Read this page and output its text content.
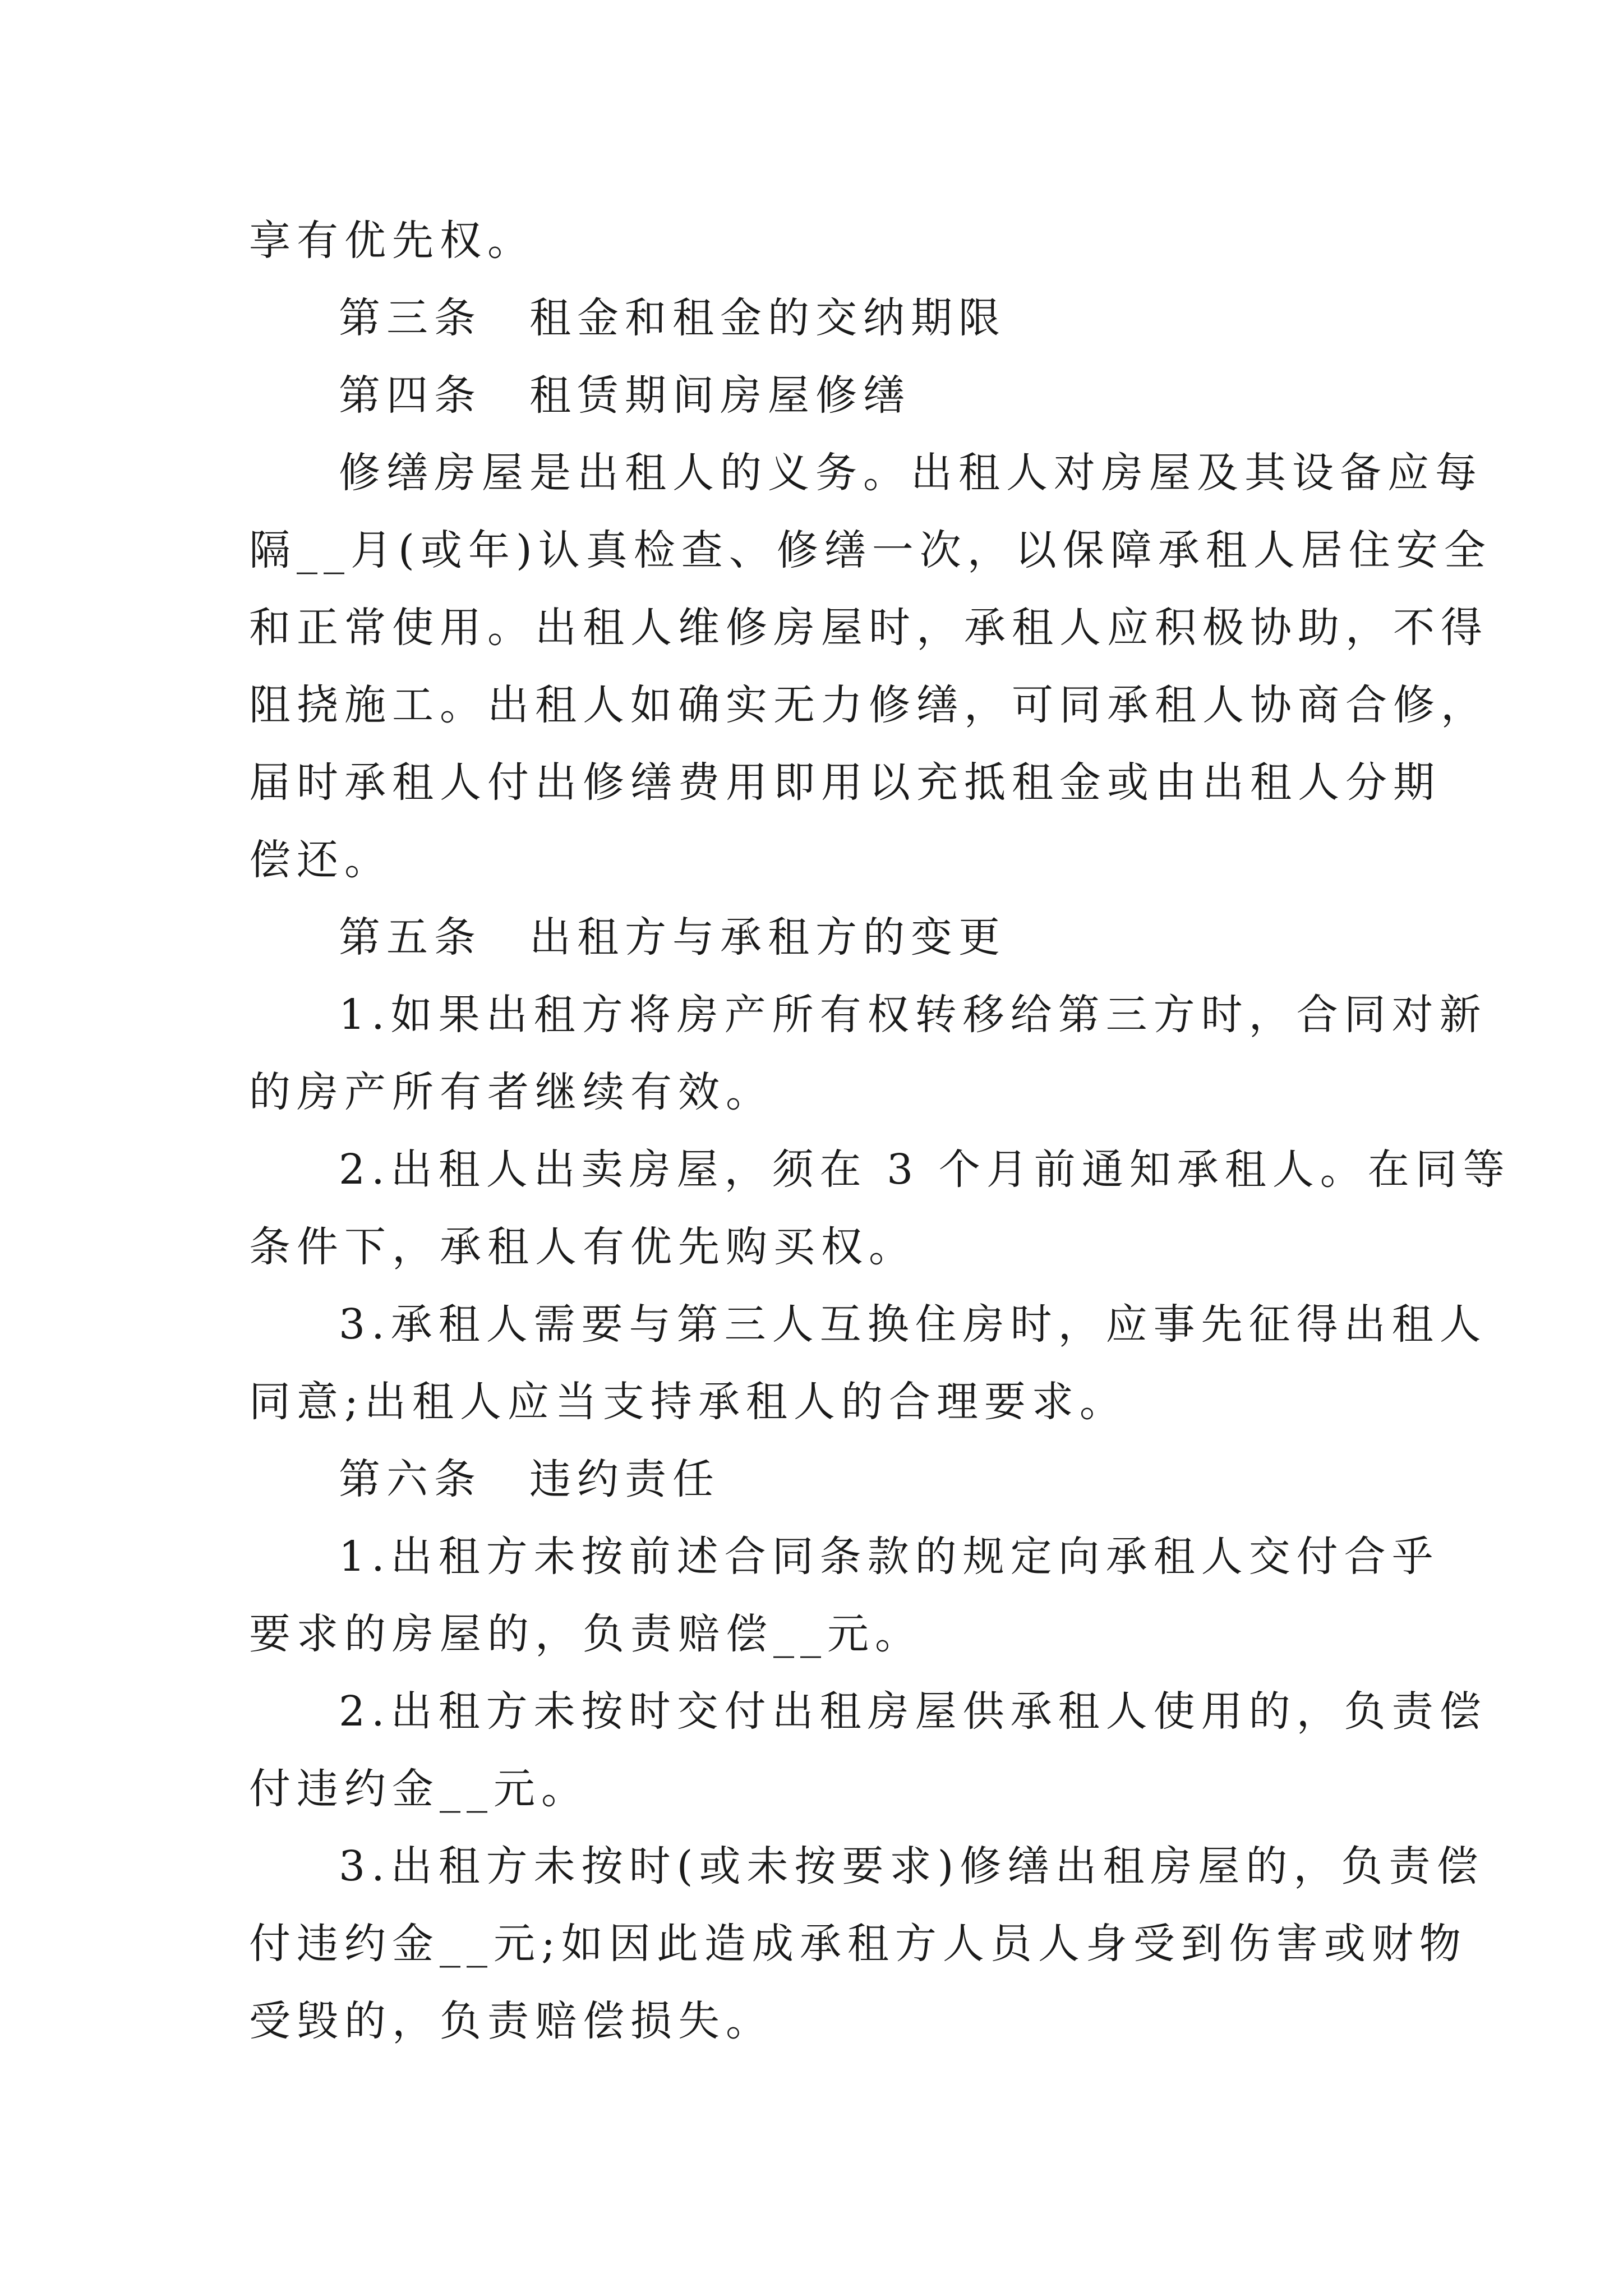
享有优先权。
第三条　租金和租金的交纳期限
第四条　租赁期间房屋修缮
修缮房屋是出租人的义务。出租人对房屋及其设备应每
隔__月(或年)认真检查、修缮一次，以保障承租人居住安全
和正常使用。出租人维修房屋时，承租人应积极协助，不得
阻挠施工。出租人如确实无力修缮，可同承租人协商合修，
届时承租人付出修缮费用即用以充抵租金或由出租人分期
偿还。
第五条　出租方与承租方的变更
1.如果出租方将房产所有权转移给第三方时，合同对新
的房产所有者继续有效。
2.出租人出卖房屋，须在 3 个月前通知承租人。在同等
条件下，承租人有优先购买权。
3.承租人需要与第三人互换住房时，应事先征得出租人
同意;出租人应当支持承租人的合理要求。
第六条　违约责任
1.出租方未按前述合同条款的规定向承租人交付合乎
要求的房屋的，负责赔偿__元。
2.出租方未按时交付出租房屋供承租人使用的，负责偿
付违约金__元。
3.出租方未按时(或未按要求)修缮出租房屋的，负责偿
付违约金__元;如因此造成承租方人员人身受到伤害或财物
受毁的，负责赔偿损失。
